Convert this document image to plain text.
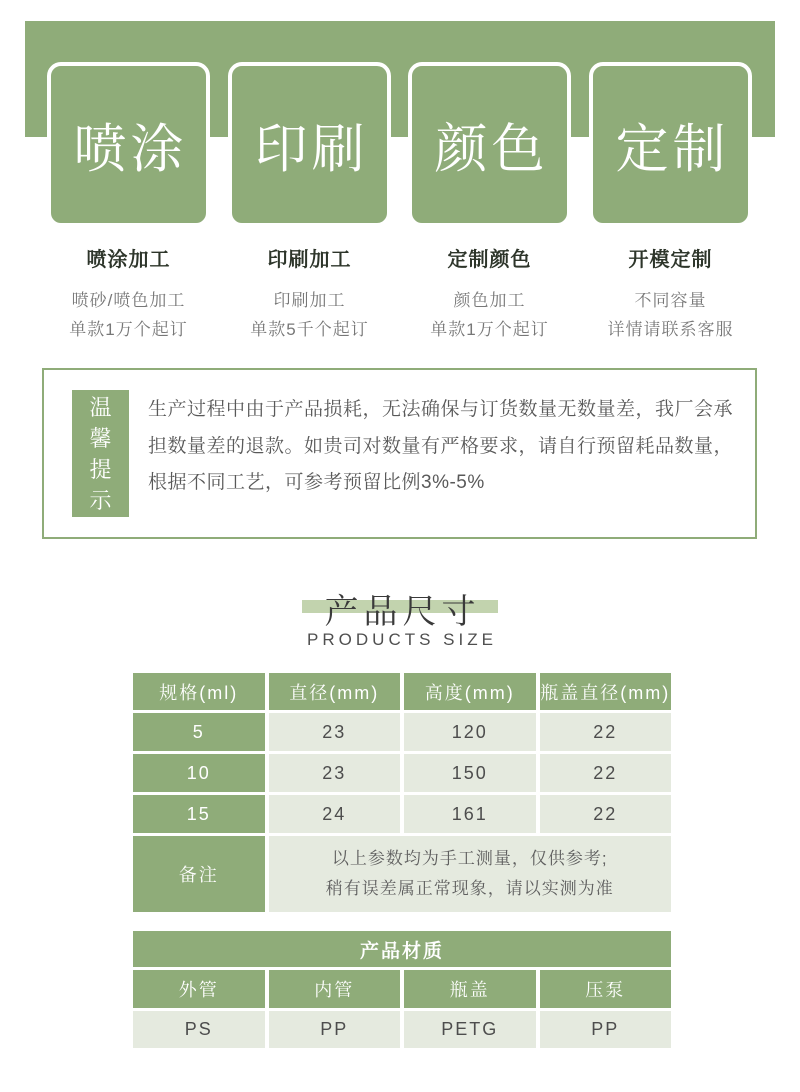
喷涂 印刷 颜色 定制
喷涂加工
喷砂/喷色加工
单款1万个起订
印刷加工
印刷加工
单款5千个起订
定制颜色
颜色加工
单款1万个起订
开模定制
不同容量
详情请联系客服
温馨提示
生产过程中由于产品损耗，无法确保与订货数量无数量差，我厂会承担数量差的退款。如贵司对数量有严格要求，请自行预留耗品数量，根据不同工艺，可参考预留比例3%-5%
产品尺寸
PRODUCTS SIZE
规格(ml)	直径(mm)	高度(mm)	瓶盖直径(mm)
5	23	120	22
10	23	150	22
15	24	161	22
备注
以上参数均为手工测量，仅供参考;
稍有误差属正常现象，请以实测为准
产品材质
外管	内管	瓶盖	压泵
PS	PP	PETG	PP
